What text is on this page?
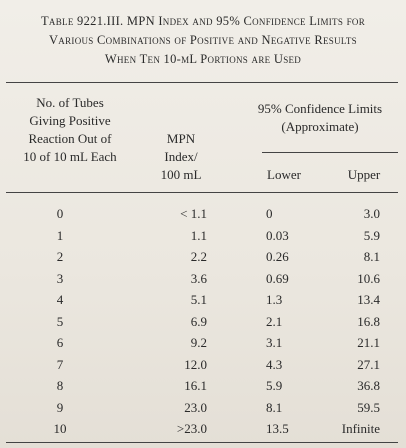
Table 9221.III. MPN Index and 95% Confidence Limits for
Various Combinations of Positive and Negative Results
When Ten 10-mL Portions are Used
No. of Tubes
Giving Positive
Reaction Out of
10 of 10 mL Each
MPN
Index/
100 mL
95% Confidence Limits
(Approximate)
Lower	Upper
0	< 1.1	0	3.0
1	1.1	0.03	5.9
2	2.2	0.26	8.1
3	3.6	0.69	10.6
4	5.1	1.3	13.4
5	6.9	2.1	16.8
6	9.2	3.1	21.1
7	12.0	4.3	27.1
8	16.1	5.9	36.8
9	23.0	8.1	59.5
10	>23.0	13.5	Infinite
